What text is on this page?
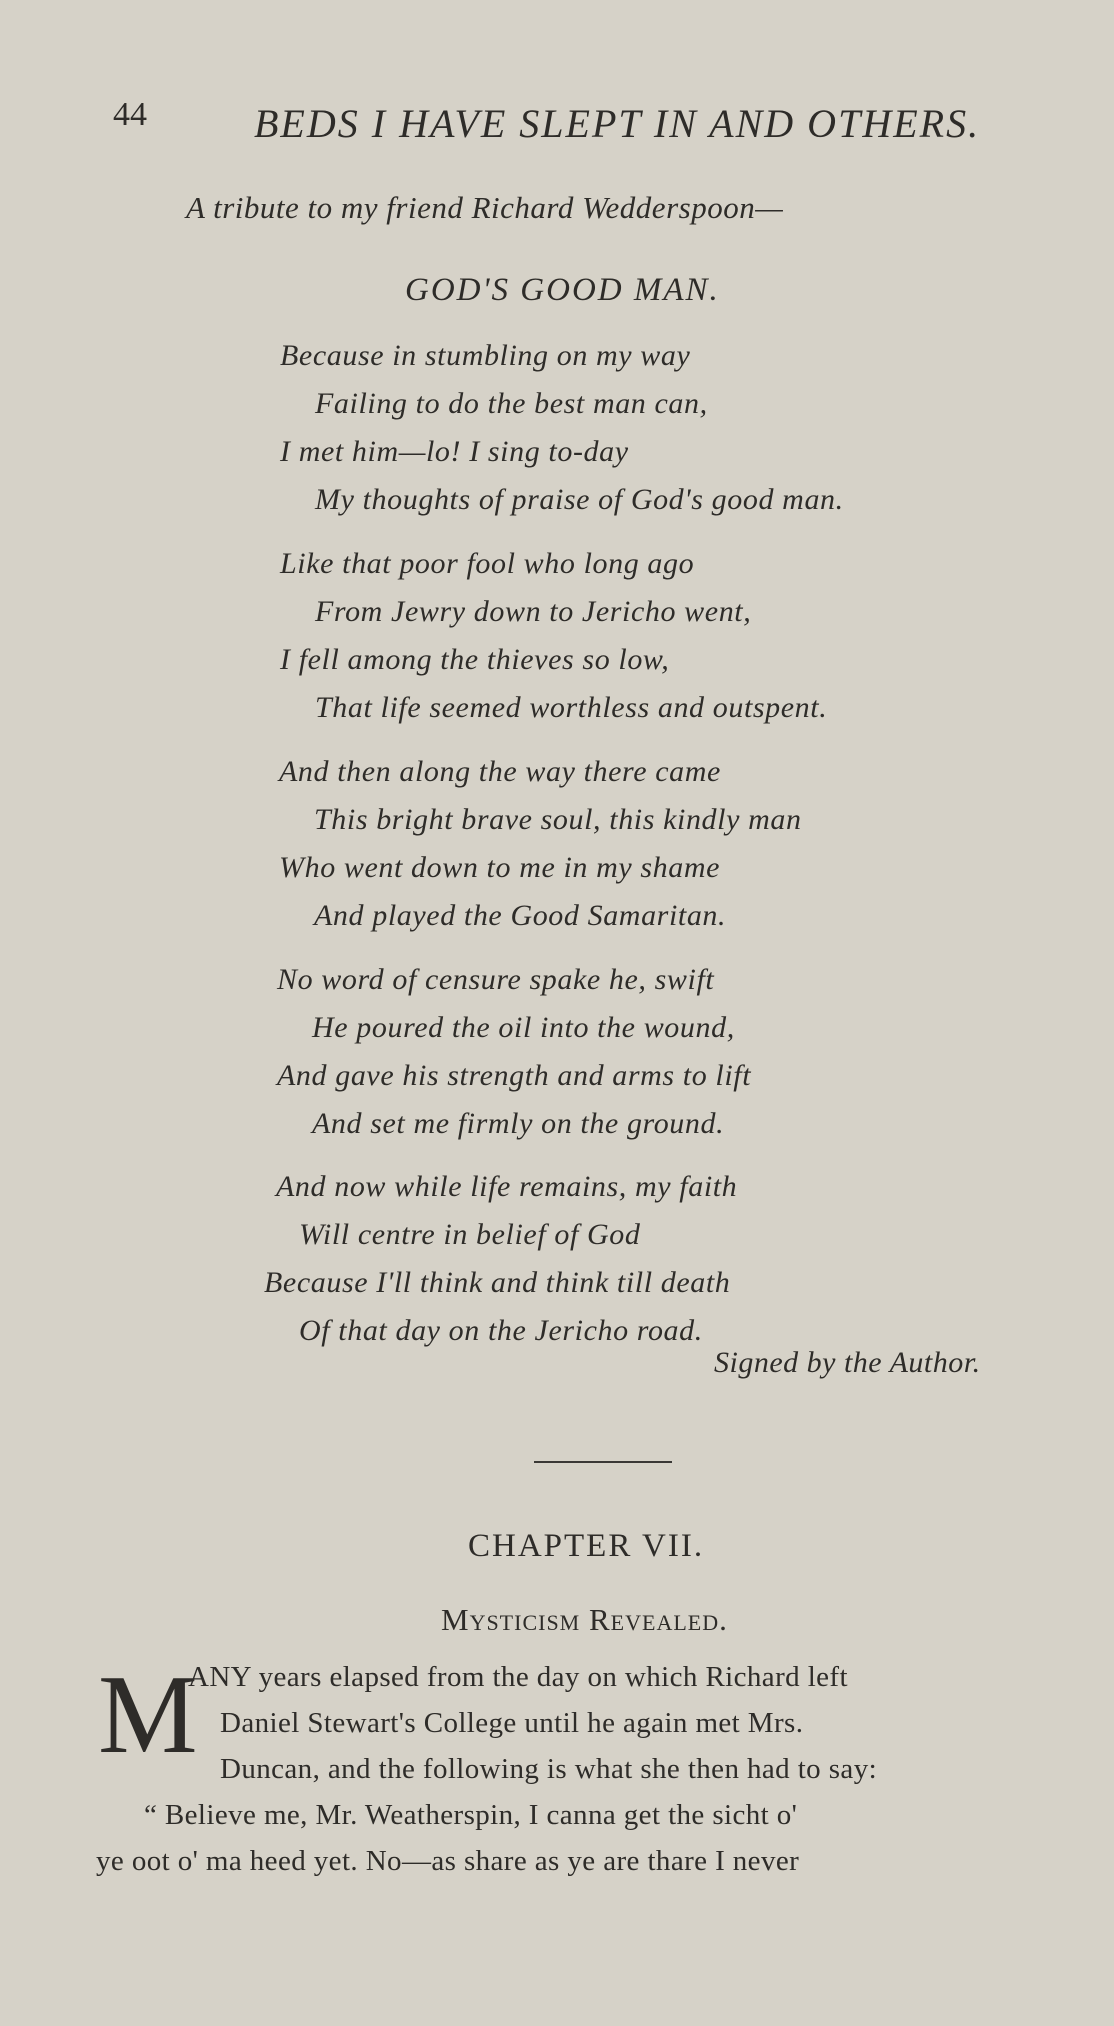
44	BEDS I HAVE SLEPT IN AND OTHERS.
A tribute to my friend Richard Wedderspoon—
GOD'S GOOD MAN.
Because in stumbling on my way
Failing to do the best man can,
I met him—lo! I sing to-day
My thoughts of praise of God's good man.
Like that poor fool who long ago
From Jewry down to Jericho went,
I fell among the thieves so low,
That life seemed worthless and outspent.
And then along the way there came
This bright brave soul, this kindly man
Who went down to me in my shame
And played the Good Samaritan.
No word of censure spake he, swift
He poured the oil into the wound,
And gave his strength and arms to lift
And set me firmly on the ground.
And now while life remains, my faith
Will centre in belief of God
Because I'll think and think till death
Of that day on the Jericho road.
Signed by the Author.
CHAPTER VII.
Mysticism Revealed.
M
ANY years elapsed from the day on which Richard left
Daniel Stewart's College until he again met Mrs.
Duncan, and the following is what she then had to say:
“ Believe me, Mr. Weatherspin, I canna get the sicht o'
ye oot o' ma heed yet. No—as share as ye are thare I never
